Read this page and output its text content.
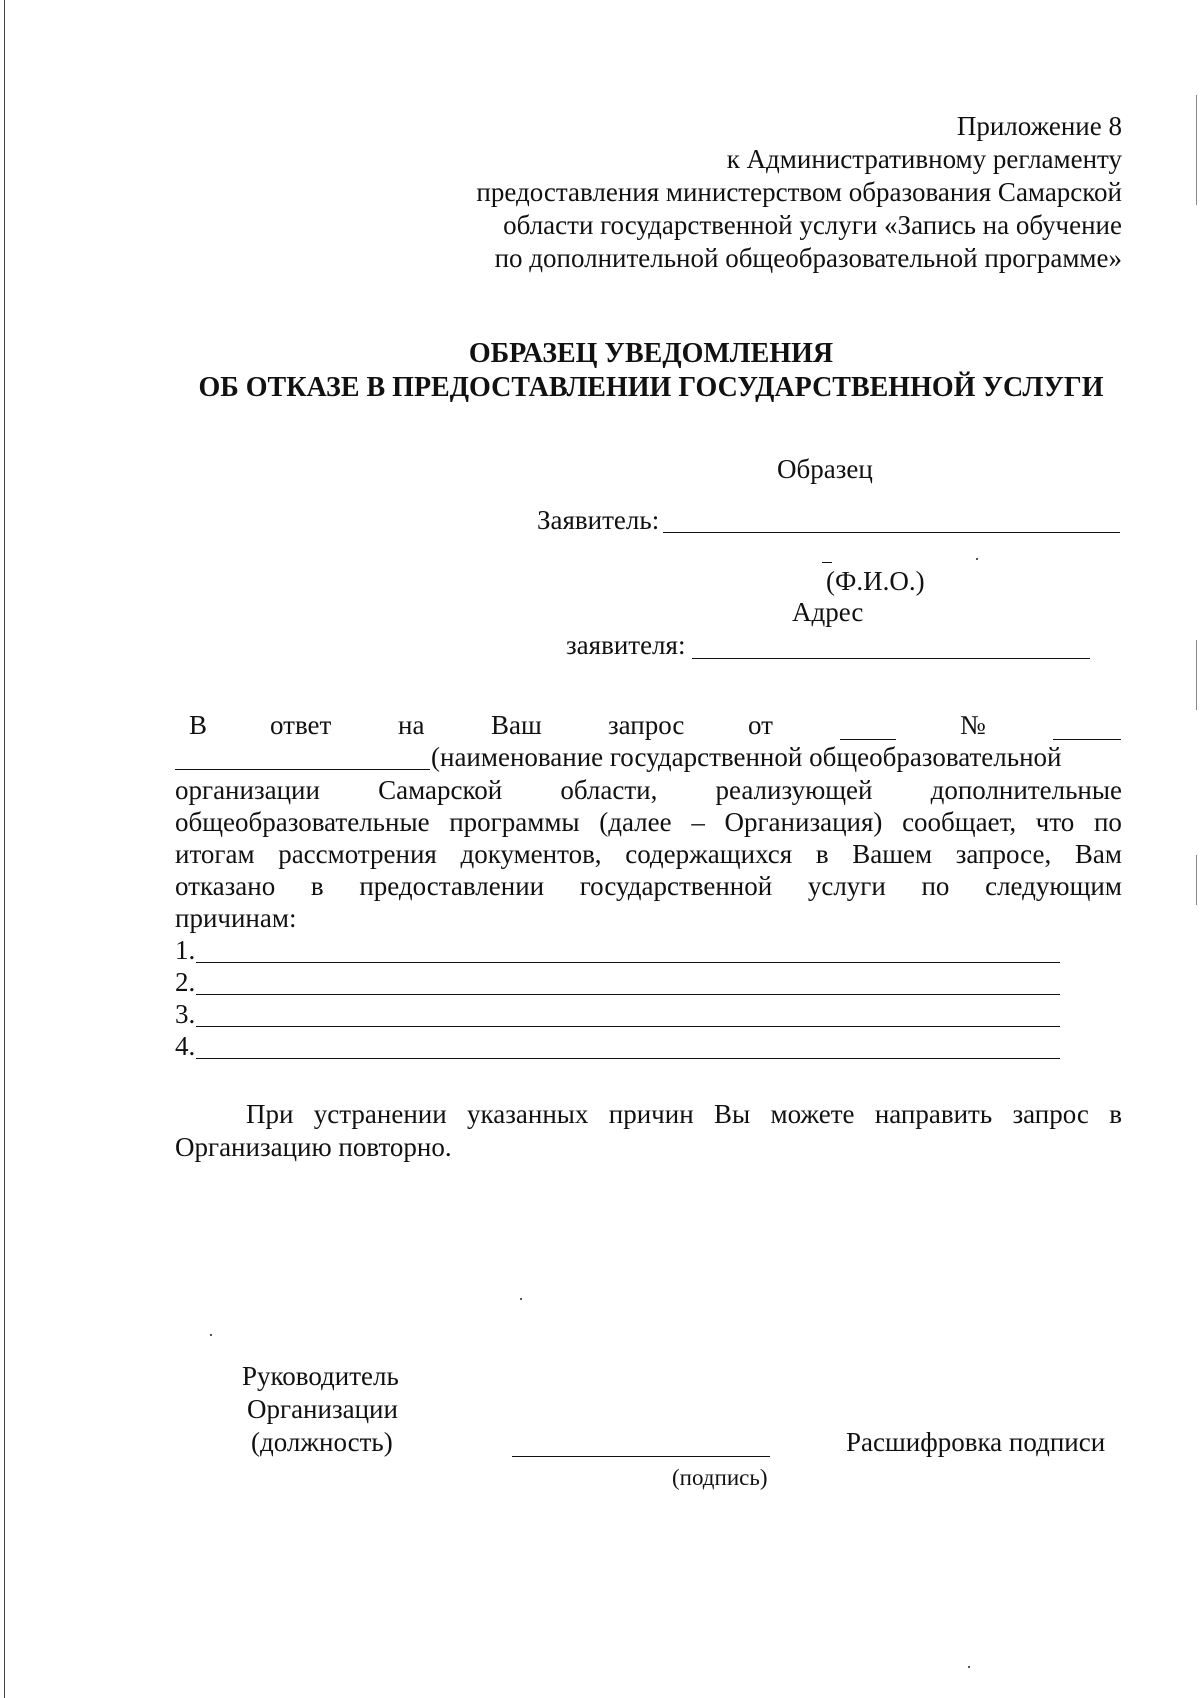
Приложение 8
к Административному регламенту
предоставления министерством образования Самарской
области государственной услуги «Запись на обучение
по дополнительной общеобразовательной программе»
ОБРАЗЕЦ УВЕДОМЛЕНИЯ
ОБ ОТКАЗЕ В ПРЕДОСТАВЛЕНИИ ГОСУДАРСТВЕННОЙ УСЛУГИ
Образец
Заявитель:
(Ф.И.О.)
Адрес
заявителя:
В ответ на Ваш запрос от	№
(наименование государственной общеобразовательной
организации Самарской области, реализующей дополнительные
общеобразовательные программы (далее – Организация) сообщает, что по
итогам рассмотрения документов, содержащихся в Вашем запросе, Вам
отказано в предоставлении государственной услуги по следующим
причинам:
1.
2.
3.
4.
При устранении указанных причин Вы можете направить запрос в
Организацию повторно.
Руководитель
Организации
(должность)
(подпись)
Расшифровка подписи
